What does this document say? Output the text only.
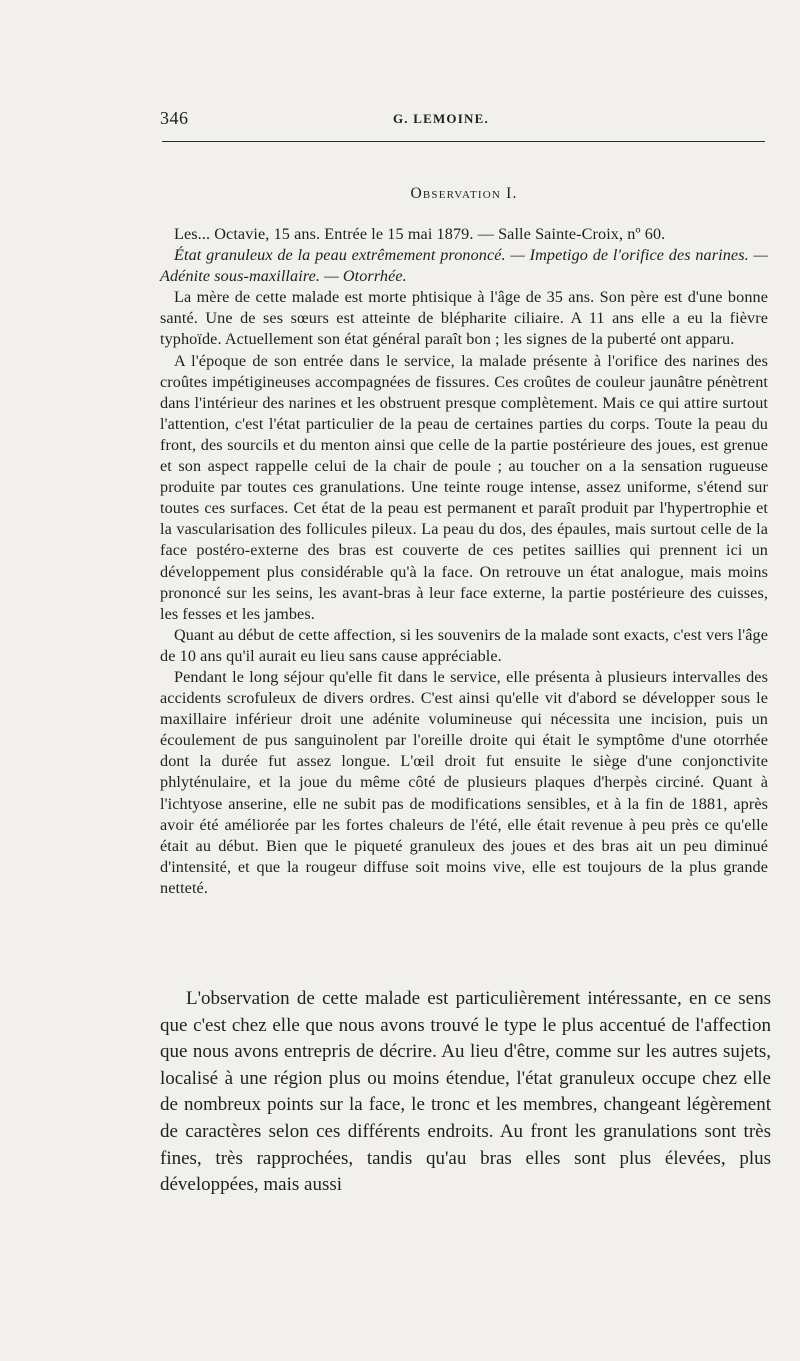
346	G. LEMOINE.
Observation I.

Les... Octavie, 15 ans. Entrée le 15 mai 1879. — Salle Sainte-Croix, nº 60.

État granuleux de la peau extrêmement prononcé. — Impetigo de l'orifice des narines. — Adénite sous-maxillaire. — Otorrhée.

La mère de cette malade est morte phtisique à l'âge de 35 ans. Son père est d'une bonne santé. Une de ses sœurs est atteinte de blépharite ciliaire. A 11 ans elle a eu la fièvre typhoïde. Actuellement son état général paraît bon ; les signes de la puberté ont apparu.

A l'époque de son entrée dans le service, la malade présente à l'orifice des narines des croûtes impétigineuses accompagnées de fissures. Ces croûtes de couleur jaunâtre pénètrent dans l'intérieur des narines et les obstruent presque complètement. Mais ce qui attire surtout l'attention, c'est l'état particulier de la peau de certaines parties du corps. Toute la peau du front, des sourcils et du menton ainsi que celle de la partie postérieure des joues, est grenue et son aspect rappelle celui de la chair de poule ; au toucher on a la sensation rugueuse produite par toutes ces granulations. Une teinte rouge intense, assez uniforme, s'étend sur toutes ces surfaces. Cet état de la peau est permanent et paraît produit par l'hypertrophie et la vascularisation des follicules pileux. La peau du dos, des épaules, mais surtout celle de la face postéro-externe des bras est couverte de ces petites saillies qui prennent ici un développement plus considérable qu'à la face. On retrouve un état analogue, mais moins prononcé sur les seins, les avant-bras à leur face externe, la partie postérieure des cuisses, les fesses et les jambes.

Quant au début de cette affection, si les souvenirs de la malade sont exacts, c'est vers l'âge de 10 ans qu'il aurait eu lieu sans cause appréciable.

Pendant le long séjour qu'elle fit dans le service, elle présenta à plusieurs intervalles des accidents scrofuleux de divers ordres. C'est ainsi qu'elle vit d'abord se développer sous le maxillaire inférieur droit une adénite volumineuse qui nécessita une incision, puis un écoulement de pus sanguinolent par l'oreille droite qui était le symptôme d'une otorrhée dont la durée fut assez longue. L'œil droit fut ensuite le siège d'une conjonctivite phlyténulaire, et la joue du même côté de plusieurs plaques d'herpès circiné. Quant à l'ichtyose anserine, elle ne subit pas de modifications sensibles, et à la fin de 1881, après avoir été améliorée par les fortes chaleurs de l'été, elle était revenue à peu près ce qu'elle était au début. Bien que le piqueté granuleux des joues et des bras ait un peu diminué d'intensité, et que la rougeur diffuse soit moins vive, elle est toujours de la plus grande netteté.

L'observation de cette malade est particulièrement intéressante, en ce sens que c'est chez elle que nous avons trouvé le type le plus accentué de l'affection que nous avons entrepris de décrire. Au lieu d'être, comme sur les autres sujets, localisé à une région plus ou moins étendue, l'état granuleux occupe chez elle de nombreux points sur la face, le tronc et les membres, changeant légèrement de caractères selon ces différents endroits. Au front les granulations sont très fines, très rapprochées, tandis qu'au bras elles sont plus élevées, plus développées, mais aussi
